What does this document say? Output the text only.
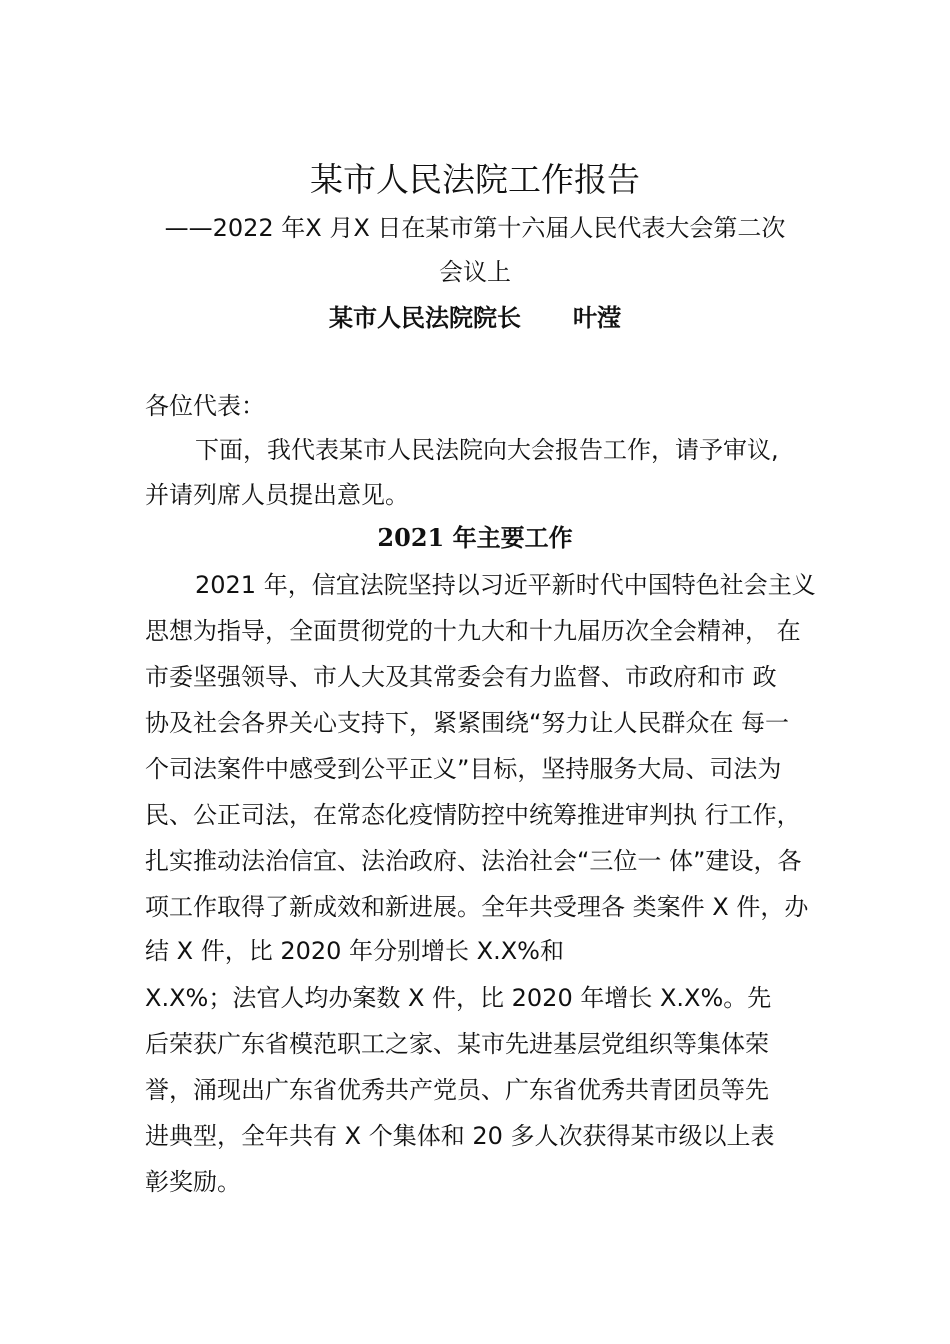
某市人民法院工作报告
——2022 年X 月X 日在某市第十六届人民代表大会第二次
会议上
某市人民法院院长 叶滢
各位代表：
下面，我代表某市人民法院向大会报告工作，请予审议,
并请列席人员提出意见。
2021 年主要工作
2021 年，信宜法院坚持以习近平新时代中国特色社会主义
思想为指导，全面贯彻党的十九大和十九届历次全会精神， 在
市委坚强领导、市人大及其常委会有力监督、市政府和市 政
协及社会各界关心支持下，紧紧围绕“努力让人民群众在 每一
个司法案件中感受到公平正义”目标，坚持服务大局、司法为
民、公正司法，在常态化疫情防控中统筹推进审判执 行工作，
扎实推动法治信宜、法治政府、法治社会“三位一 体”建设，各
项工作取得了新成效和新进展。全年共受理各 类案件 X 件，办
结 X 件，比 2020 年分别增长 X.X%和
X.X%；法官人均办案数 X 件，比 2020 年增长 X.X%。先
后荣获广东省模范职工之家、某市先进基层党组织等集体荣
誉，涌现出广东省优秀共产党员、广东省优秀共青团员等先
进典型，全年共有 X 个集体和 20 多人次获得某市级以上表
彰奖励。
